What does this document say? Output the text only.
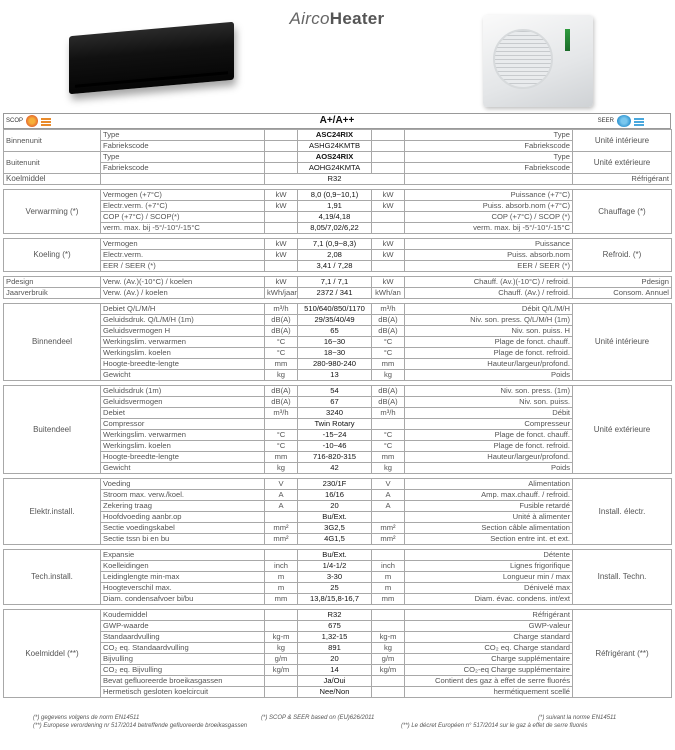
AircoHeater
SCOP	A+/A++	SEER
Binnenunit	Type		ASC24RIX		Type	Unité intérieure
	Fabriekscode		ASHG24KMTB		Fabriekscode	
Buitenunit	Type		AOS24RIX		Type	Unité extérieure
	Fabriekscode		AOHG24KMTA		Fabriekscode	
Koelmiddel		R32				Réfrigérant

Verwarming (*)	Vermogen (+7°C)	kW	8,0 (0,9~10,1)	kW	Puissance (+7°C)	Chauffage (*)
	Electr.verm. (+7°C)	kW	1,91	kW	Puiss. absorb.nom (+7°C)	
	COP (+7°C) / SCOP(*)		4,19/4,18		COP (+7°C) / SCOP (*)	
	verm. max. bij -5°/-10°/-15°C		8,05/7,02/6,22		verm. max. bij -5°/-10°/-15°C	

Koeling (*)	Vermogen	kW	7,1 (0,9~8,3)	kW	Puissance	Refroid. (*)
	Electr.verm.	kW	2,08	kW	Puiss. absorb.nom	
	EER / SEER (*)		3,41 / 7,28		EER / SEER (*)	

Pdesign	Verw. (Av.)(-10°C) / koelen	kW	7,1 / 7,1	kW	Chauff. (Av.)(-10°C) / refroid.	Pdesign
Jaarverbruik	Verw. (Av.) / koelen	kWh/jaar	2372 / 341	kWh/an	Chauff. (Av.) / refroid.	Consom. Annuel

Binnendeel	Debiet Q/L/M/H	m³/h	510/640/850/1170	m³/h	Débit Q/L/M/H	Unité intérieure
	Geluidsdruk. Q/L/M/H (1m)	dB(A)	29/35/40/49	dB(A)	Niv. son. press. Q/L/M/H (1m)	
	Geluidsvermogen H	dB(A)	65	dB(A)	Niv. son. puiss. H	
	Werkingslim. verwarmen	°C	16~30	°C	Plage de fonct. chauff.	
	Werkingslim. koelen	°C	18~30	°C	Plage de fonct. refroid.	
	Hoogte-breedte-lengte	mm	280-980-240	mm	Hauteur/largeur/profond.	
	Gewicht	kg	13	kg	Poids	

Buitendeel	Geluidsdruk (1m)	dB(A)	54	dB(A)	Niv. son. press. (1m)	Unité extérieure
	Geluidsvermogen	dB(A)	67	dB(A)	Niv. son. puiss.	
	Debiet	m³/h	3240	m³/h	Débit	
	Compressor		Twin Rotary		Compresseur	
	Werkingslim. verwarmen	°C	-15~24	°C	Plage de fonct. chauff.	
	Werkingslim. koelen	°C	-10~46	°C	Plage de fonct. refroid.	
	Hoogte-breedte-lengte	mm	716-820-315	mm	Hauteur/largeur/profond.	
	Gewicht	kg	42	kg	Poids	

Elektr.install.	Voeding	V	230/1F	V	Alimentation	Install. électr.
	Stroom max. verw./koel.	A	16/16	A	Amp. max.chauff. / refroid.	
	Zekering traag	A	20	A	Fusible retardé	
	Hoofdvoeding aanbr.op		Bu/Ext.		Unité à alimenter	
	Sectie voedingskabel	mm²	3G2,5	mm²	Section câble alimentation	
	Sectie tssn bi en bu	mm²	4G1,5	mm²	Section entre int. et ext.	

Tech.install.	Expansie		Bu/Ext.		Détente	Install. Techn.
	Koelleidingen	inch	1/4-1/2	inch	Lignes frigorifique	
	Leidinglengte min-max	m	3-30	m	Longueur min / max	
	Hoogteverschil max.	m	25	m	Dénivelé max	
	Diam. condensafvoer bi/bu	mm	13,8/15,8-16,7	mm	Diam. évac. condens. int/ext	

Koelmiddel (**)	Koudemiddel		R32		Réfrigérant	Réfrigérant (**)
	GWP-waarde		675		GWP-valeur	
	Standaardvulling	kg-m	1,32-15	kg-m	Charge standard	
	CO₂ eq. Standaardvulling	kg	891	kg	CO₂ eq. Charge standard	
	Bijvulling	g/m	20	g/m	Charge supplémentaire	
	CO₂ eq. Bijvulling	kg/m	14	kg/m	CO₂-eq Charge supplémentaire	
	Bevat gefluoreerde broeikasgassen		Ja/Oui		Contient des gaz à effet de serre fluorés	
	Hermetisch gesloten koelcircuit		Nee/Non		hermétiquement scellé	
(*) gegevens volgens de norm EN14511	(*) SCOP & SEER based on (EU)626/2011	(*) suivant la norme EN14511
(**) Europese verordening nr 517/2014 betreffende gefluoreerde broeikasgassen	(**) Le décret Européen n° 517/2014 sur le gaz à effet de serre fluorés
